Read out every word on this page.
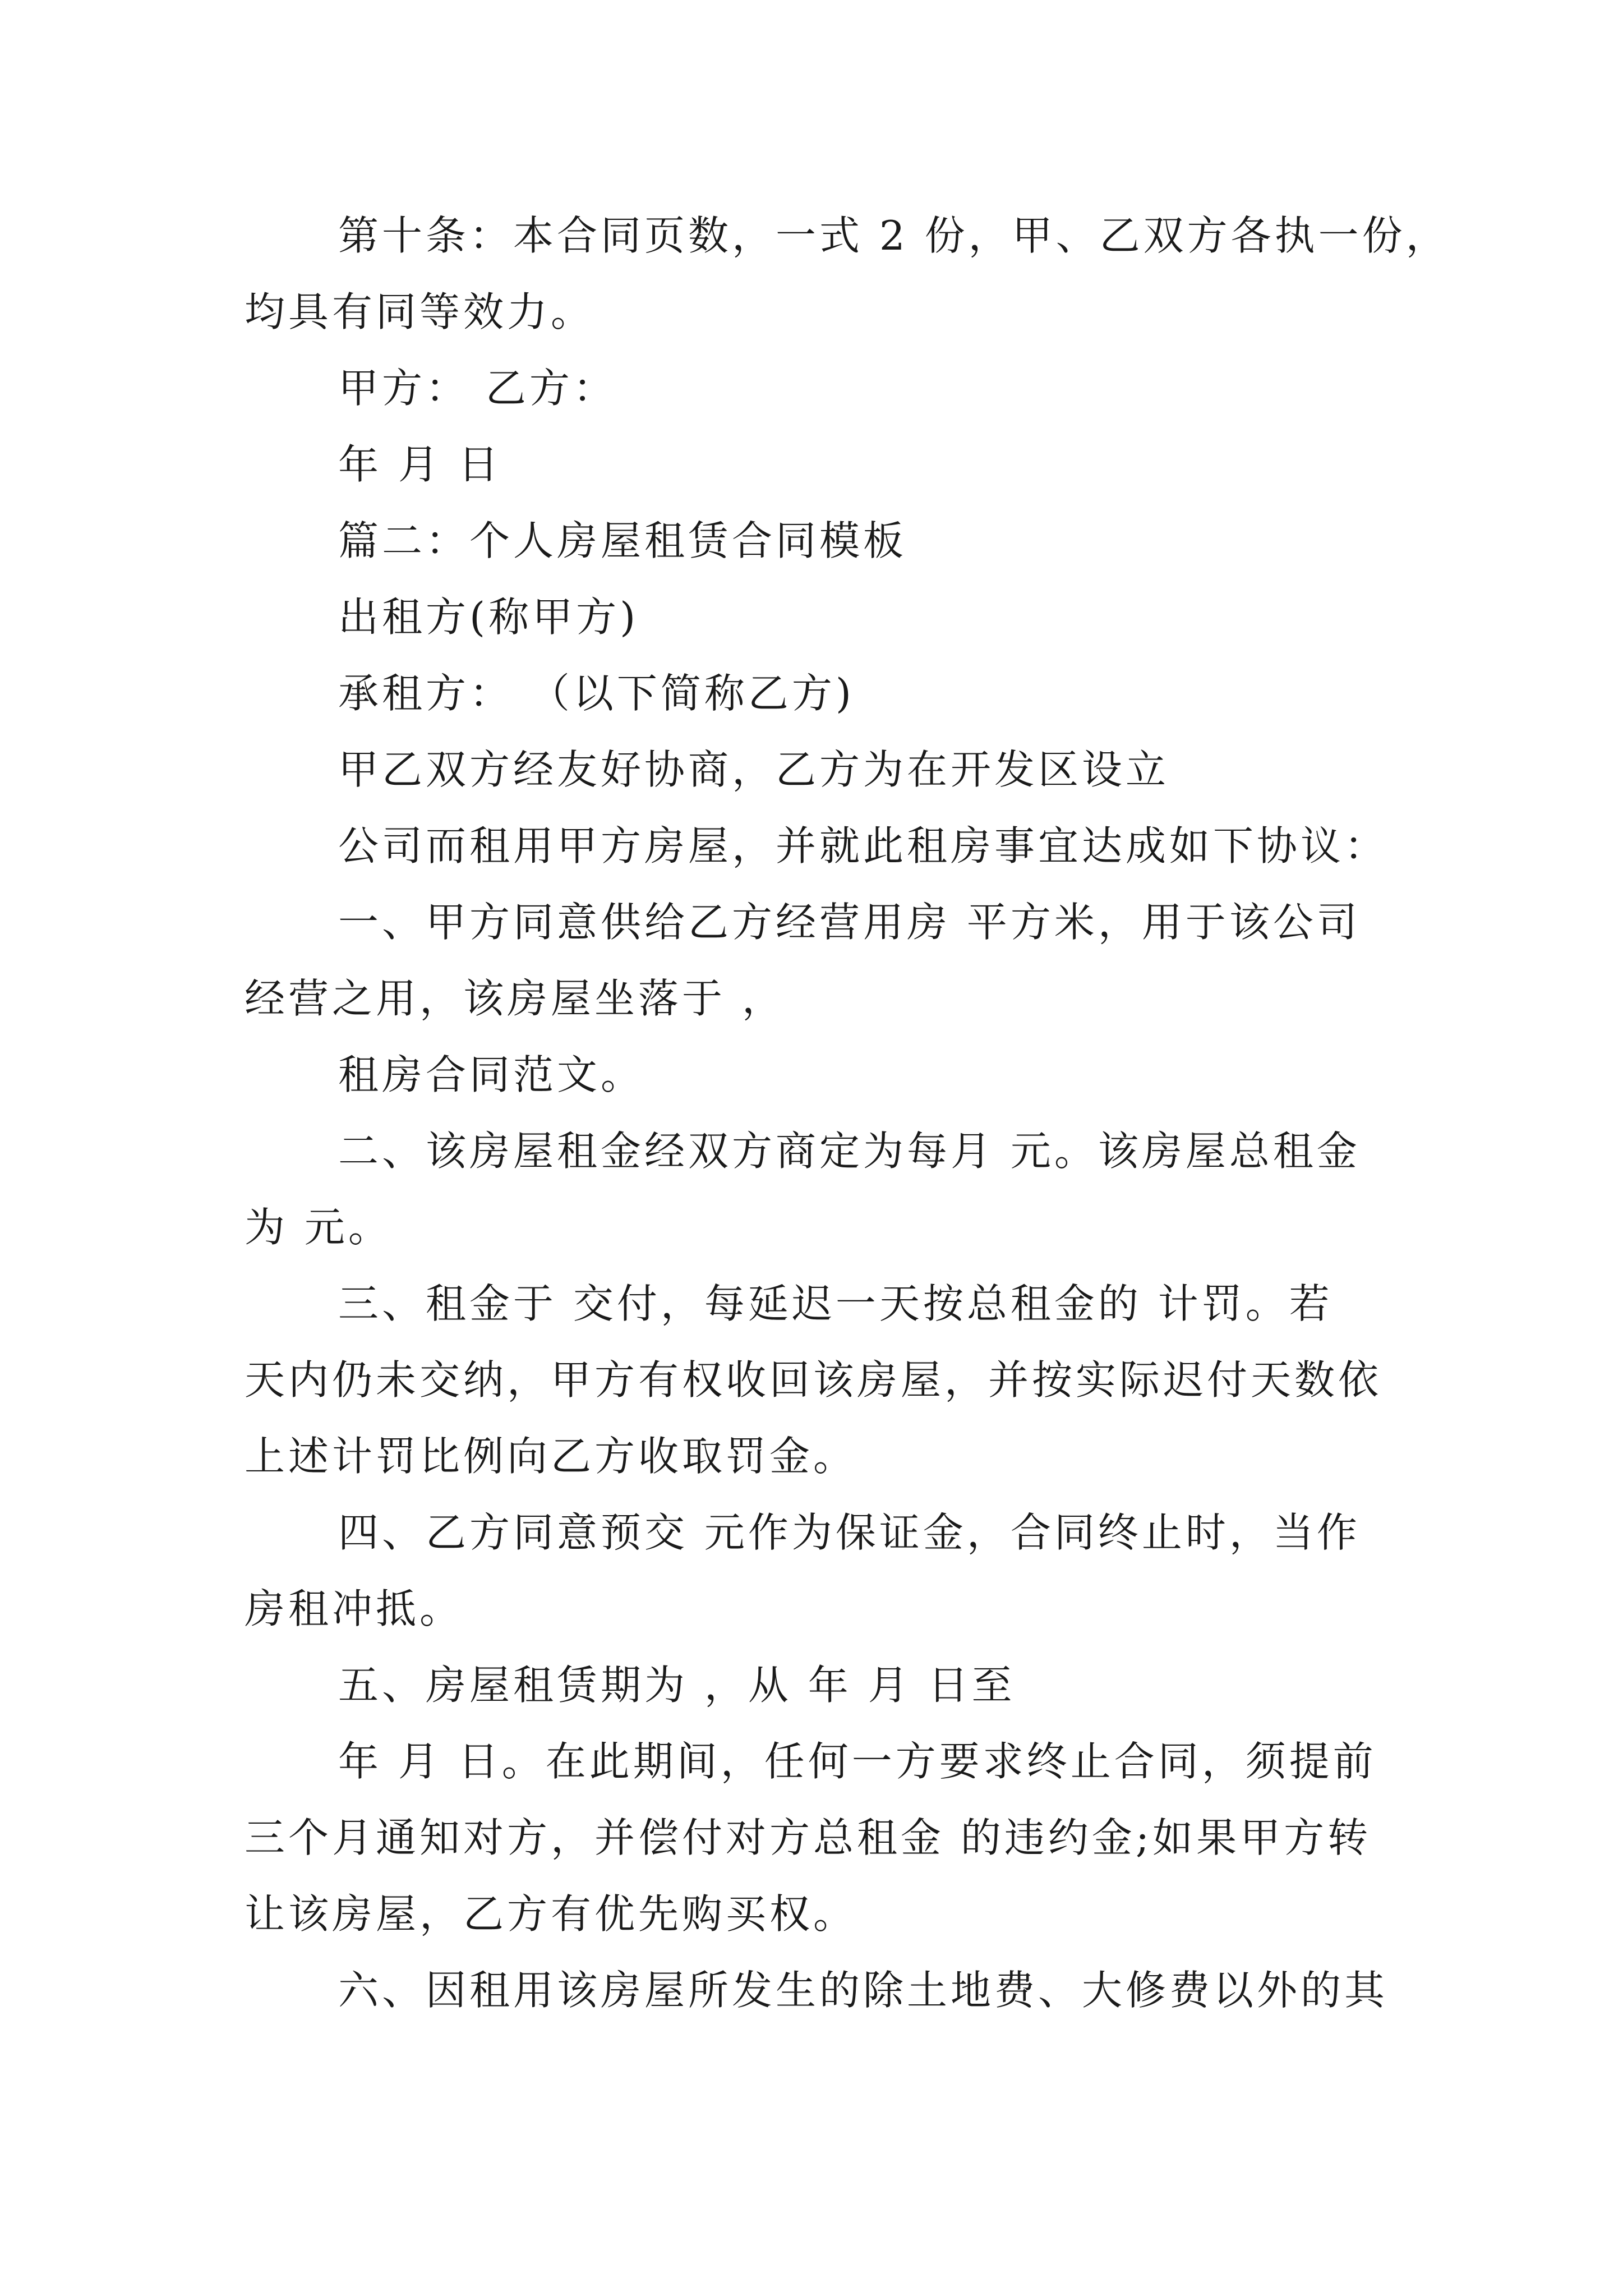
第十条：本合同页数，一式 2 份，甲、乙双方各执一份，
均具有同等效力。
甲方： 乙方：
年 月 日
篇二：个人房屋租赁合同模板
出租方(称甲方)
承租方： （以下简称乙方)
甲乙双方经友好协商，乙方为在开发区设立
公司而租用甲方房屋，并就此租房事宜达成如下协议：
一、甲方同意供给乙方经营用房 平方米，用于该公司
经营之用，该房屋坐落于 ，
租房合同范文。
二、该房屋租金经双方商定为每月 元。该房屋总租金
为 元。
三、租金于 交付，每延迟一天按总租金的 计罚。若
天内仍未交纳，甲方有权收回该房屋，并按实际迟付天数依
上述计罚比例向乙方收取罚金。
四、乙方同意预交 元作为保证金，合同终止时，当作
房租冲抵。
五、房屋租赁期为 ，从 年 月 日至
年 月 日。在此期间，任何一方要求终止合同，须提前
三个月通知对方，并偿付对方总租金 的违约金;如果甲方转
让该房屋，乙方有优先购买权。
六、因租用该房屋所发生的除土地费、大修费以外的其
